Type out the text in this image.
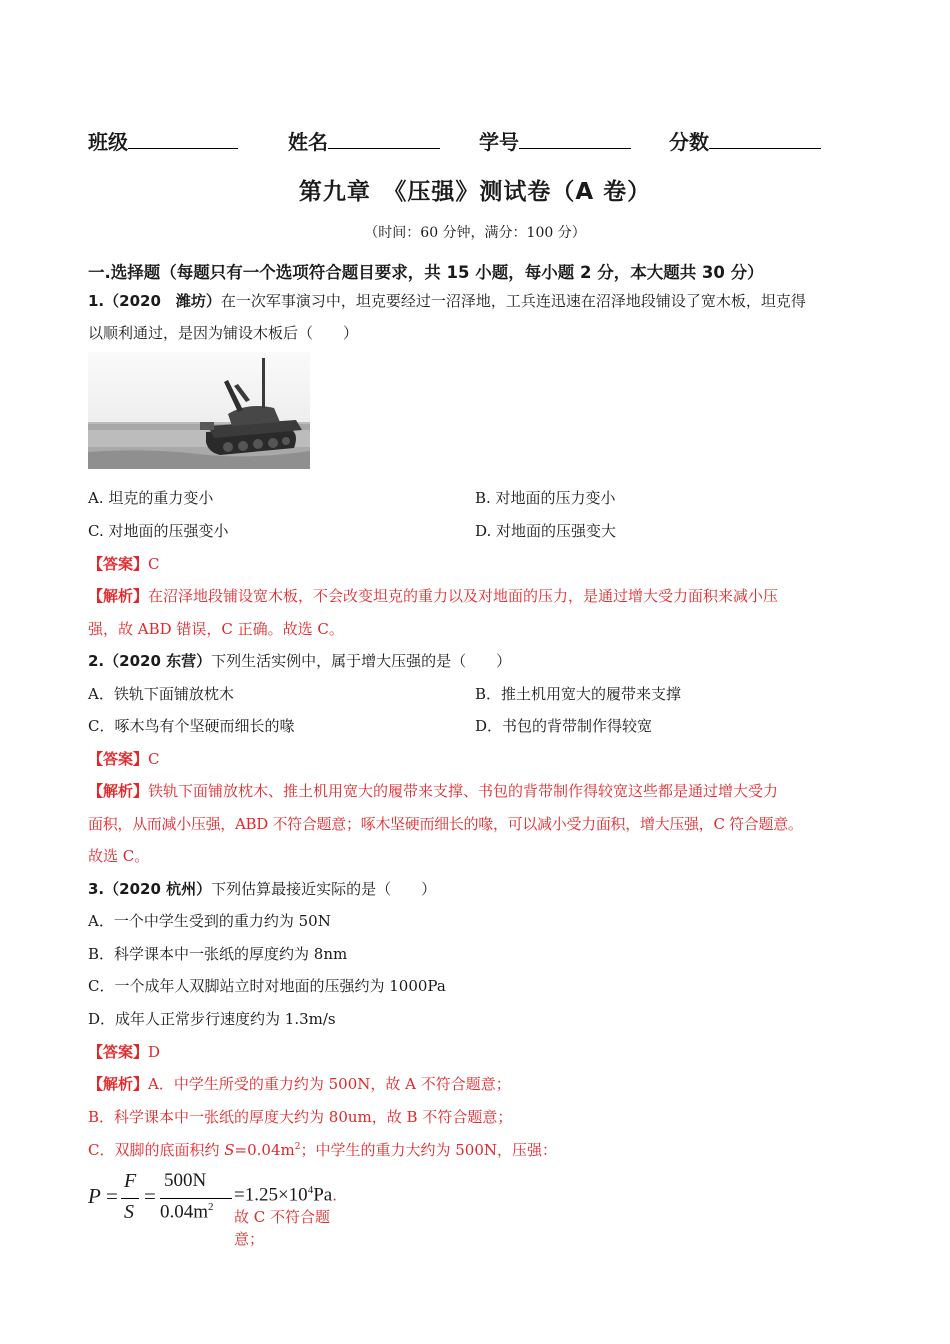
班级	姓名	学号	分数
第九章　《压强》测试卷（A 卷）
（时间：60 分钟，满分：100 分）
一.选择题（每题只有一个选项符合题目要求，共 15 小题，每小题 2 分，本大题共 30 分）
1.（2020　潍坊）在一次军事演习中，坦克要经过一沼泽地，工兵连迅速在沼泽地段铺设了宽木板，坦克得
以顺利通过，是因为铺设木板后（　　）
A. 坦克的重力变小	B. 对地面的压力变小
C. 对地面的压强变小	D. 对地面的压强变大
【答案】C
【解析】在沼泽地段铺设宽木板，不会改变坦克的重力以及对地面的压力，是通过增大受力面积来减小压
强，故 ABD 错误，C 正确。故选 C。
2.（2020 东营）下列生活实例中，属于增大压强的是（　　）
A．铁轨下面铺放枕木	B．推土机用宽大的履带来支撑
C．啄木鸟有个坚硬而细长的喙	D．书包的背带制作得较宽
【答案】C
【解析】铁轨下面铺放枕木、推土机用宽大的履带来支撑、书包的背带制作得较宽这些都是通过增大受力
面积，从而减小压强，ABD 不符合题意；啄木坚硬而细长的喙，可以减小受力面积，增大压强，C 符合题意。
故选 C。
3.（2020 杭州）下列估算最接近实际的是（　　）
A．一个中学生受到的重力约为 50N
B．科学课本中一张纸的厚度约为 8nm
C．一个成年人双脚站立时对地面的压强约为 1000Pa
D．成年人正常步行速度约为 1.3m/s
【答案】D
【解析】A．中学生所受的重力约为 500N，故 A 不符合题意；
B．科学课本中一张纸的厚度大约为 80um，故 B 不符合题意；
C．双脚的底面积约 $S=0.04m^2$；中学生的重力大约为 500N，压强：
P =
F
S
=
500N
$0.04m^2$
$=1.25\times 10^4Pa$. 故 C 不符合题意；
